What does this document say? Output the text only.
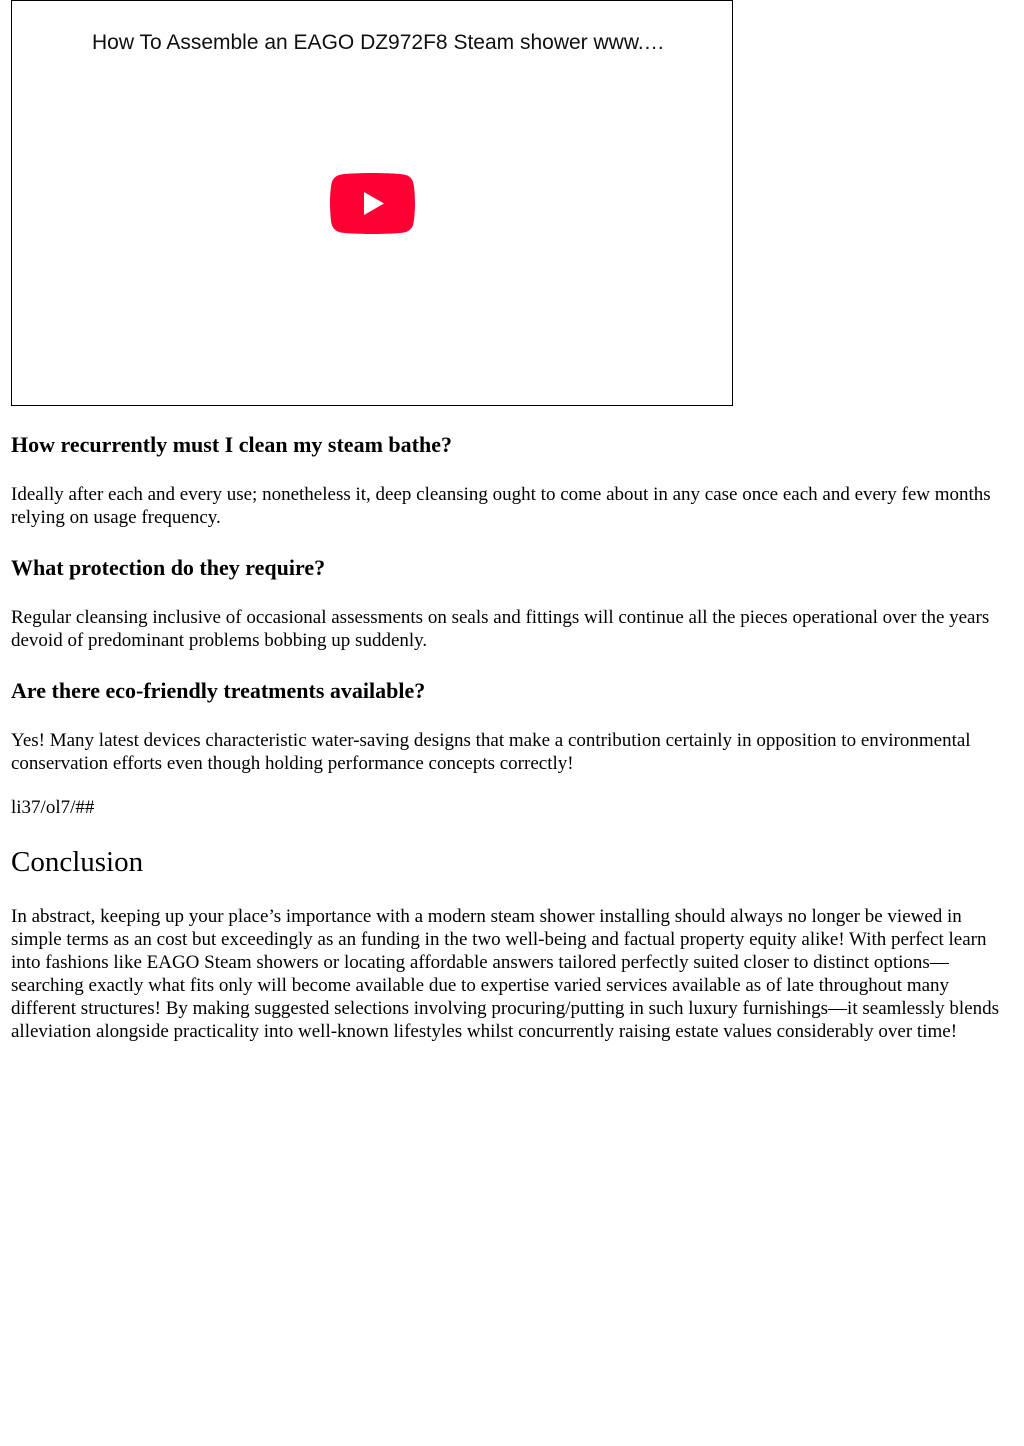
How To Assemble an EAGO DZ972F8 Steam shower www.…
How recurrently must I clean my steam bathe?

Ideally after each and every use; nonetheless it, deep cleansing ought to come about in any case once each and every few months relying on usage frequency.

What protection do they require?

Regular cleansing inclusive of occasional assessments on seals and fittings will continue all the pieces operational over the years devoid of predominant problems bobbing up suddenly.

Are there eco-friendly treatments available?

Yes! Many latest devices characteristic water-saving designs that make a contribution certainly in opposition to environmental conservation efforts even though holding performance concepts correctly!

li37/ol7/##

Conclusion

In abstract, keeping up your place’s importance with a modern steam shower installing should always no longer be viewed in simple terms as an cost but exceedingly as an funding in the two well-being and factual property equity alike! With perfect learn into fashions like EAGO Steam showers or locating affordable answers tailored perfectly suited closer to distinct options—searching exactly what fits only will become available due to expertise varied services available as of late throughout many different structures! By making suggested selections involving procuring/putting in such luxury furnishings—it seamlessly blends alleviation alongside practicality into well-known lifestyles whilst concurrently raising estate values considerably over time!
